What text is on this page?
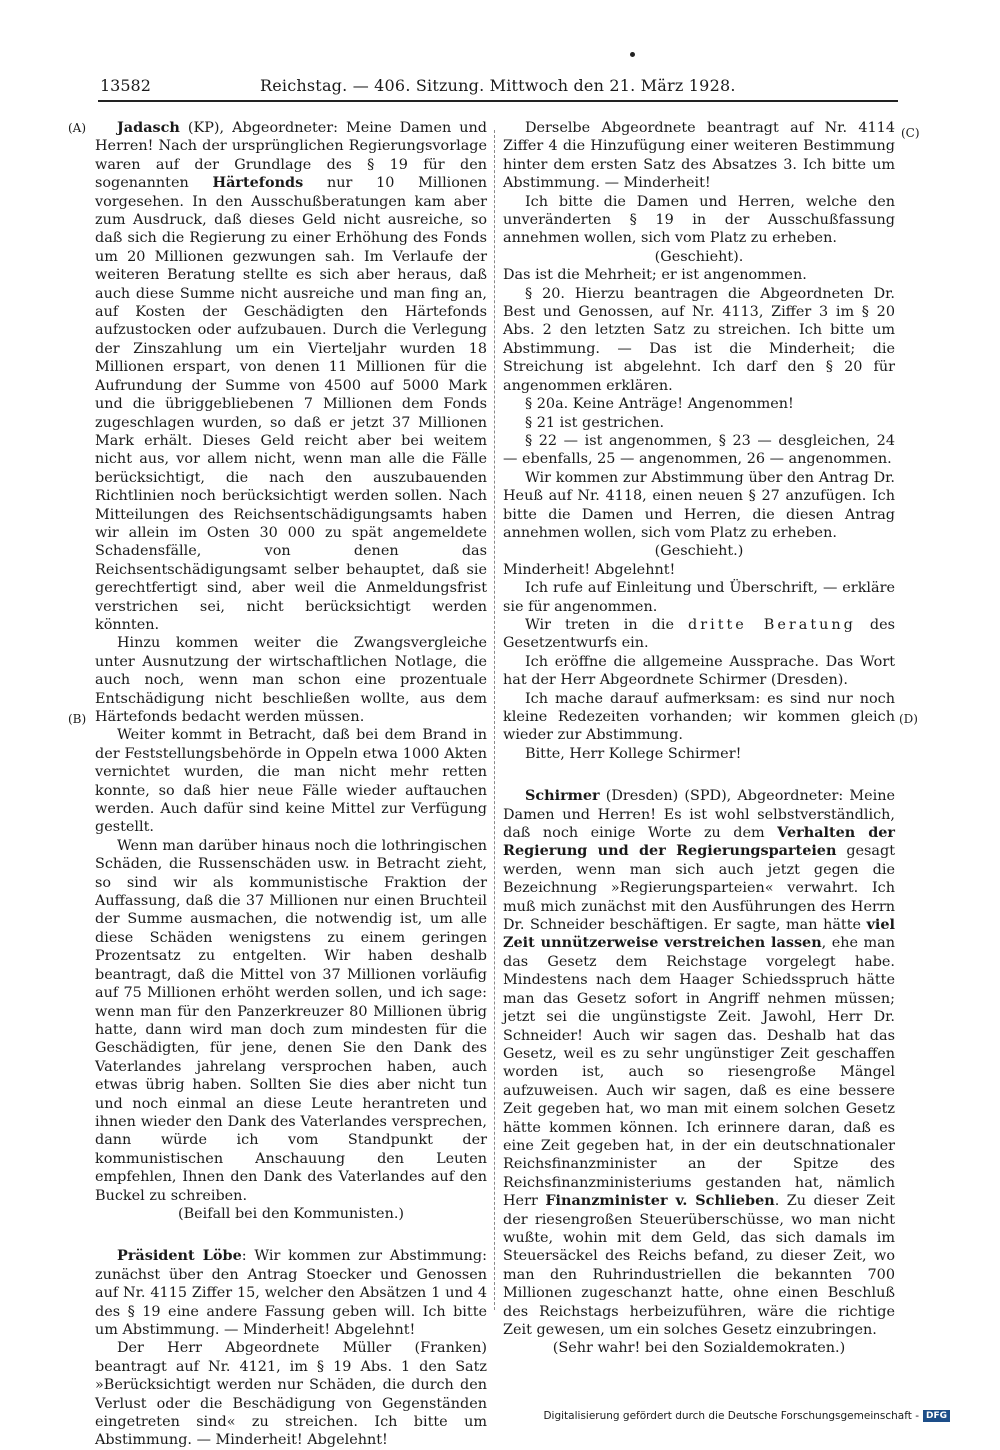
13582	Reichstag. — 406. Sitzung. Mittwoch den 21. März 1928.
(A)
(B)
(C)
(D)

Jadasch (KP), Abgeordneter: Meine Damen und Herren! Nach der ursprünglichen Regierungsvorlage waren auf der Grundlage des § 19 für den sogenannten Härtefonds nur 10 Millionen vorgesehen. In den Ausschußberatungen kam aber zum Ausdruck, daß dieses Geld nicht ausreiche, so daß sich die Regierung zu einer Erhöhung des Fonds um 20 Millionen gezwungen sah. Im Verlaufe der weiteren Beratung stellte es sich aber heraus, daß auch diese Summe nicht ausreiche und man fing an, auf Kosten der Geschädigten den Härtefonds aufzustocken oder aufzubauen. Durch die Verlegung der Zinszahlung um ein Vierteljahr wurden 18 Millionen erspart, von denen 11 Millionen für die Aufrundung der Summe von 4500 auf 5000 Mark und die übriggebliebenen 7 Millionen dem Fonds zugeschlagen wurden, so daß er jetzt 37 Millionen Mark erhält. Dieses Geld reicht aber bei weitem nicht aus, vor allem nicht, wenn man alle die Fälle berücksichtigt, die nach den auszubauenden Richtlinien noch berücksichtigt werden sollen. Nach Mitteilungen des Reichsentschädigungsamts haben wir allein im Osten 30 000 zu spät angemeldete Schadensfälle, von denen das Reichsentschädigungsamt selber behauptet, daß sie gerechtfertigt sind, aber weil die Anmeldungsfrist verstrichen sei, nicht berücksichtigt werden könnten.

Hinzu kommen weiter die Zwangsvergleiche unter Ausnutzung der wirtschaftlichen Notlage, die auch noch, wenn man schon eine prozentuale Entschädigung nicht beschließen wollte, aus dem Härtefonds bedacht werden müssen.

Weiter kommt in Betracht, daß bei dem Brand in der Feststellungsbehörde in Oppeln etwa 1000 Akten vernichtet wurden, die man nicht mehr retten konnte, so daß hier neue Fälle wieder auftauchen werden. Auch dafür sind keine Mittel zur Verfügung gestellt.

Wenn man darüber hinaus noch die lothringischen Schäden, die Russenschäden usw. in Betracht zieht, so sind wir als kommunistische Fraktion der Auffassung, daß die 37 Millionen nur einen Bruchteil der Summe ausmachen, die notwendig ist, um alle diese Schäden wenigstens zu einem geringen Prozentsatz zu entgelten. Wir haben deshalb beantragt, daß die Mittel von 37 Millionen vorläufig auf 75 Millionen erhöht werden sollen, und ich sage: wenn man für den Panzerkreuzer 80 Millionen übrig hatte, dann wird man doch zum mindesten für die Geschädigten, für jene, denen Sie den Dank des Vaterlandes jahrelang versprochen haben, auch etwas übrig haben. Sollten Sie dies aber nicht tun und noch einmal an diese Leute herantreten und ihnen wieder den Dank des Vaterlandes versprechen, dann würde ich vom Standpunkt der kommunistischen Anschauung den Leuten empfehlen, Ihnen den Dank des Vaterlandes auf den Buckel zu schreiben.

(Beifall bei den Kommunisten.)

Präsident Löbe: Wir kommen zur Abstimmung: zunächst über den Antrag Stoecker und Genossen auf Nr. 4115 Ziffer 15, welcher den Absätzen 1 und 4 des § 19 eine andere Fassung geben will. Ich bitte um Abstimmung. — Minderheit! Abgelehnt!

Der Herr Abgeordnete Müller (Franken) beantragt auf Nr. 4121, im § 19 Abs. 1 den Satz »Berücksichtigt werden nur Schäden, die durch den Verlust oder die Beschädigung von Gegenständen eingetreten sind« zu streichen. Ich bitte um Abstimmung. — Minderheit! Abgelehnt!

Derselbe Abgeordnete beantragt auf Nr. 4114 Ziffer 4 die Hinzufügung einer weiteren Bestimmung hinter dem ersten Satz des Absatzes 3. Ich bitte um Abstimmung. — Minderheit!

Ich bitte die Damen und Herren, welche den unveränderten § 19 in der Ausschußfassung annehmen wollen, sich vom Platz zu erheben.

(Geschieht).

Das ist die Mehrheit; er ist angenommen.

§ 20. Hierzu beantragen die Abgeordneten Dr. Best und Genossen, auf Nr. 4113, Ziffer 3 im § 20 Abs. 2 den letzten Satz zu streichen. Ich bitte um Abstimmung. — Das ist die Minderheit; die Streichung ist abgelehnt. Ich darf den § 20 für angenommen erklären.

§ 20a. Keine Anträge! Angenommen!

§ 21 ist gestrichen.

§ 22 — ist angenommen, § 23 — desgleichen, 24 — ebenfalls, 25 — angenommen, 26 — angenommen.

Wir kommen zur Abstimmung über den Antrag Dr. Heuß auf Nr. 4118, einen neuen § 27 anzufügen. Ich bitte die Damen und Herren, die diesen Antrag annehmen wollen, sich vom Platz zu erheben.

(Geschieht.)

Minderheit! Abgelehnt!

Ich rufe auf Einleitung und Überschrift, — erkläre sie für angenommen.

Wir treten in die dritte Beratung des Gesetzentwurfs ein.

Ich eröffne die allgemeine Aussprache. Das Wort hat der Herr Abgeordnete Schirmer (Dresden).

Ich mache darauf aufmerksam: es sind nur noch kleine Redezeiten vorhanden; wir kommen gleich wieder zur Abstimmung.

Bitte, Herr Kollege Schirmer!

Schirmer (Dresden) (SPD), Abgeordneter: Meine Damen und Herren! Es ist wohl selbstverständlich, daß noch einige Worte zu dem Verhalten der Regierung und der Regierungsparteien gesagt werden, wenn man sich auch jetzt gegen die Bezeichnung »Regierungsparteien« verwahrt. Ich muß mich zunächst mit den Ausführungen des Herrn Dr. Schneider beschäftigen. Er sagte, man hätte viel Zeit unnützerweise verstreichen lassen, ehe man das Gesetz dem Reichstage vorgelegt habe. Mindestens nach dem Haager Schiedsspruch hätte man das Gesetz sofort in Angriff nehmen müssen; jetzt sei die ungünstigste Zeit. Jawohl, Herr Dr. Schneider! Auch wir sagen das. Deshalb hat das Gesetz, weil es zu sehr ungünstiger Zeit geschaffen worden ist, auch so riesengroße Mängel aufzuweisen. Auch wir sagen, daß es eine bessere Zeit gegeben hat, wo man mit einem solchen Gesetz hätte kommen können. Ich erinnere daran, daß es eine Zeit gegeben hat, in der ein deutschnationaler Reichsfinanzminister an der Spitze des Reichsfinanzministeriums gestanden hat, nämlich Herr Finanzminister v. Schlieben. Zu dieser Zeit der riesengroßen Steuerüberschüsse, wo man nicht wußte, wohin mit dem Geld, das sich damals im Steuersäckel des Reichs befand, zu dieser Zeit, wo man den Ruhrindustriellen die bekannten 700 Millionen zugeschanzt hatte, ohne einen Beschluß des Reichstags herbeizuführen, wäre die richtige Zeit gewesen, um ein solches Gesetz einzubringen.

(Sehr wahr! bei den Sozialdemokraten.)

Digitalisierung gefördert durch die Deutsche Forschungsgemeinschaft - DFG
